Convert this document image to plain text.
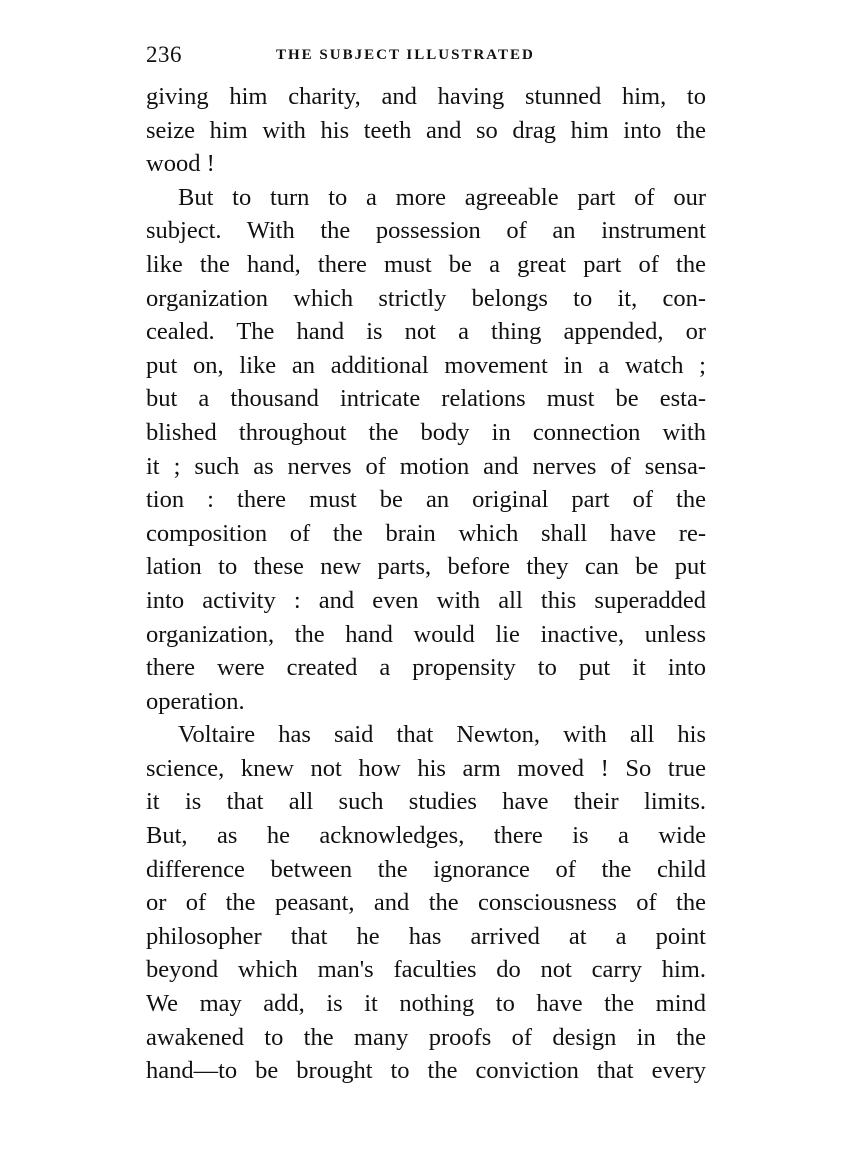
236	THE SUBJECT ILLUSTRATED
giving him charity, and having stunned him, to
seize him with his teeth and so drag him into the
wood !
But to turn to a more agreeable part of our
subject. With the possession of an instrument
like the hand, there must be a great part of the
organization which strictly belongs to it, con-
cealed. The hand is not a thing appended, or
put on, like an additional movement in a watch ;
but a thousand intricate relations must be esta-
blished throughout the body in connection with
it ; such as nerves of motion and nerves of sensa-
tion : there must be an original part of the
composition of the brain which shall have re-
lation to these new parts, before they can be put
into activity : and even with all this superadded
organization, the hand would lie inactive, unless
there were created a propensity to put it into
operation.
Voltaire has said that Newton, with all his
science, knew not how his arm moved ! So true
it is that all such studies have their limits.
But, as he acknowledges, there is a wide
difference between the ignorance of the child
or of the peasant, and the consciousness of the
philosopher that he has arrived at a point
beyond which man's faculties do not carry him.
We may add, is it nothing to have the mind
awakened to the many proofs of design in the
hand—to be brought to the conviction that every
